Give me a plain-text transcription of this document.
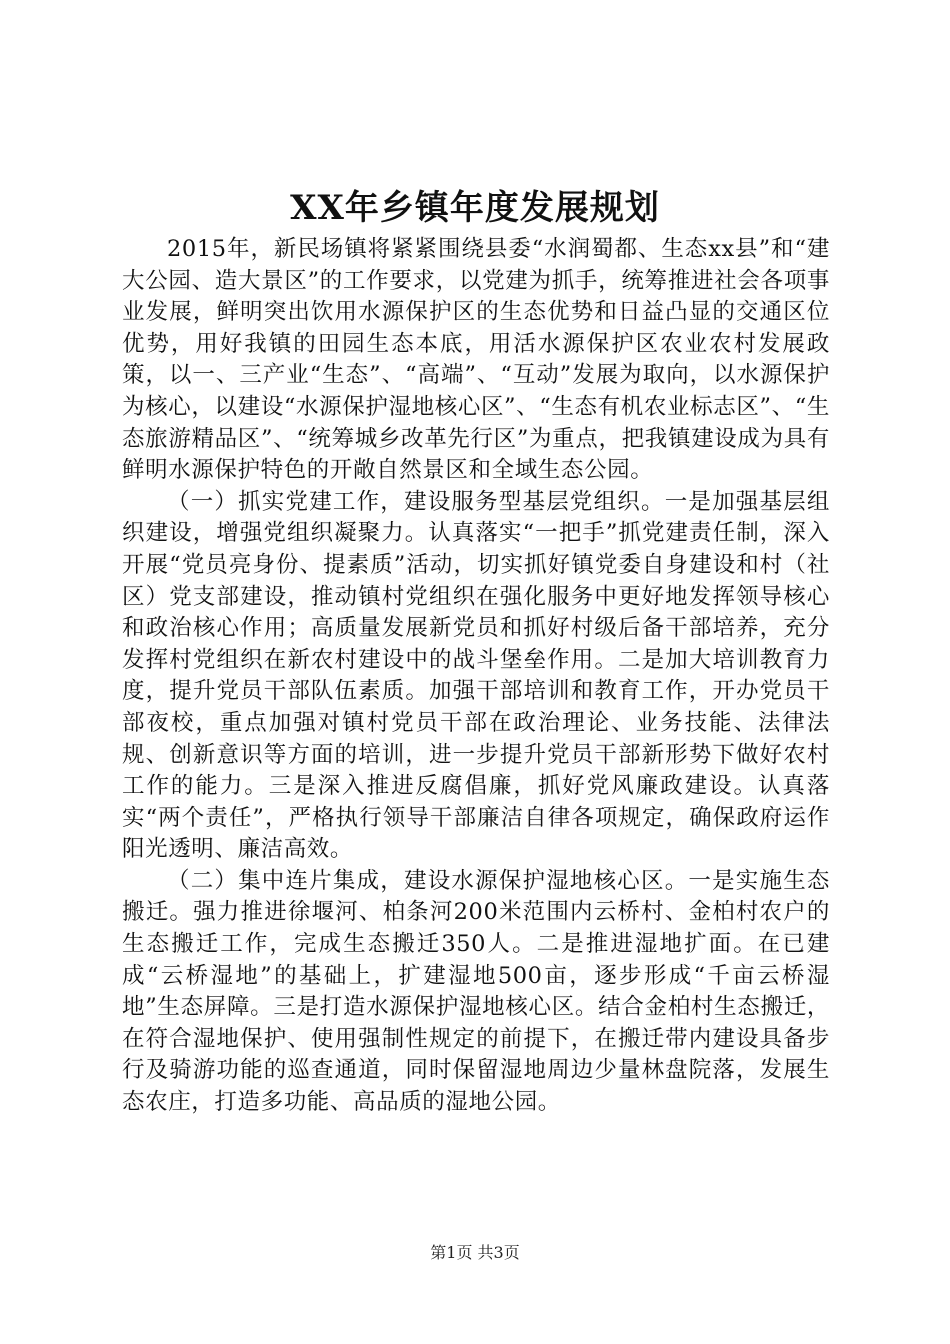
XX年乡镇年度发展规划

2015年，新民场镇将紧紧围绕县委“水润蜀都、生态xx县”和“建大公园、造大景区”的工作要求，以党建为抓手，统筹推进社会各项事业发展，鲜明突出饮用水源保护区的生态优势和日益凸显的交通区位优势，用好我镇的田园生态本底，用活水源保护区农业农村发展政策，以一、三产业“生态”、“高端”、“互动”发展为取向，以水源保护为核心，以建设“水源保护湿地核心区”、“生态有机农业标志区”、“生态旅游精品区”、“统筹城乡改革先行区”为重点，把我镇建设成为具有鲜明水源保护特色的开敞自然景区和全域生态公园。

（一）抓实党建工作，建设服务型基层党组织。一是加强基层组织建设，增强党组织凝聚力。认真落实“一把手”抓党建责任制，深入开展“党员亮身份、提素质”活动，切实抓好镇党委自身建设和村（社区）党支部建设，推动镇村党组织在强化服务中更好地发挥领导核心和政治核心作用；高质量发展新党员和抓好村级后备干部培养，充分发挥村党组织在新农村建设中的战斗堡垒作用。二是加大培训教育力度，提升党员干部队伍素质。加强干部培训和教育工作，开办党员干部夜校，重点加强对镇村党员干部在政治理论、业务技能、法律法规、创新意识等方面的培训，进一步提升党员干部新形势下做好农村工作的能力。三是深入推进反腐倡廉，抓好党风廉政建设。认真落实“两个责任”，严格执行领导干部廉洁自律各项规定，确保政府运作阳光透明、廉洁高效。

（二）集中连片集成，建设水源保护湿地核心区。一是实施生态搬迁。强力推进徐堰河、柏条河200米范围内云桥村、金柏村农户的生态搬迁工作，完成生态搬迁350人。二是推进湿地扩面。在已建成“云桥湿地”的基础上，扩建湿地500亩，逐步形成“千亩云桥湿地”生态屏障。三是打造水源保护湿地核心区。结合金柏村生态搬迁，在符合湿地保护、使用强制性规定的前提下，在搬迁带内建设具备步行及骑游功能的巡查通道，同时保留湿地周边少量林盘院落，发展生态农庄，打造多功能、高品质的湿地公园。

第1页 共3页
